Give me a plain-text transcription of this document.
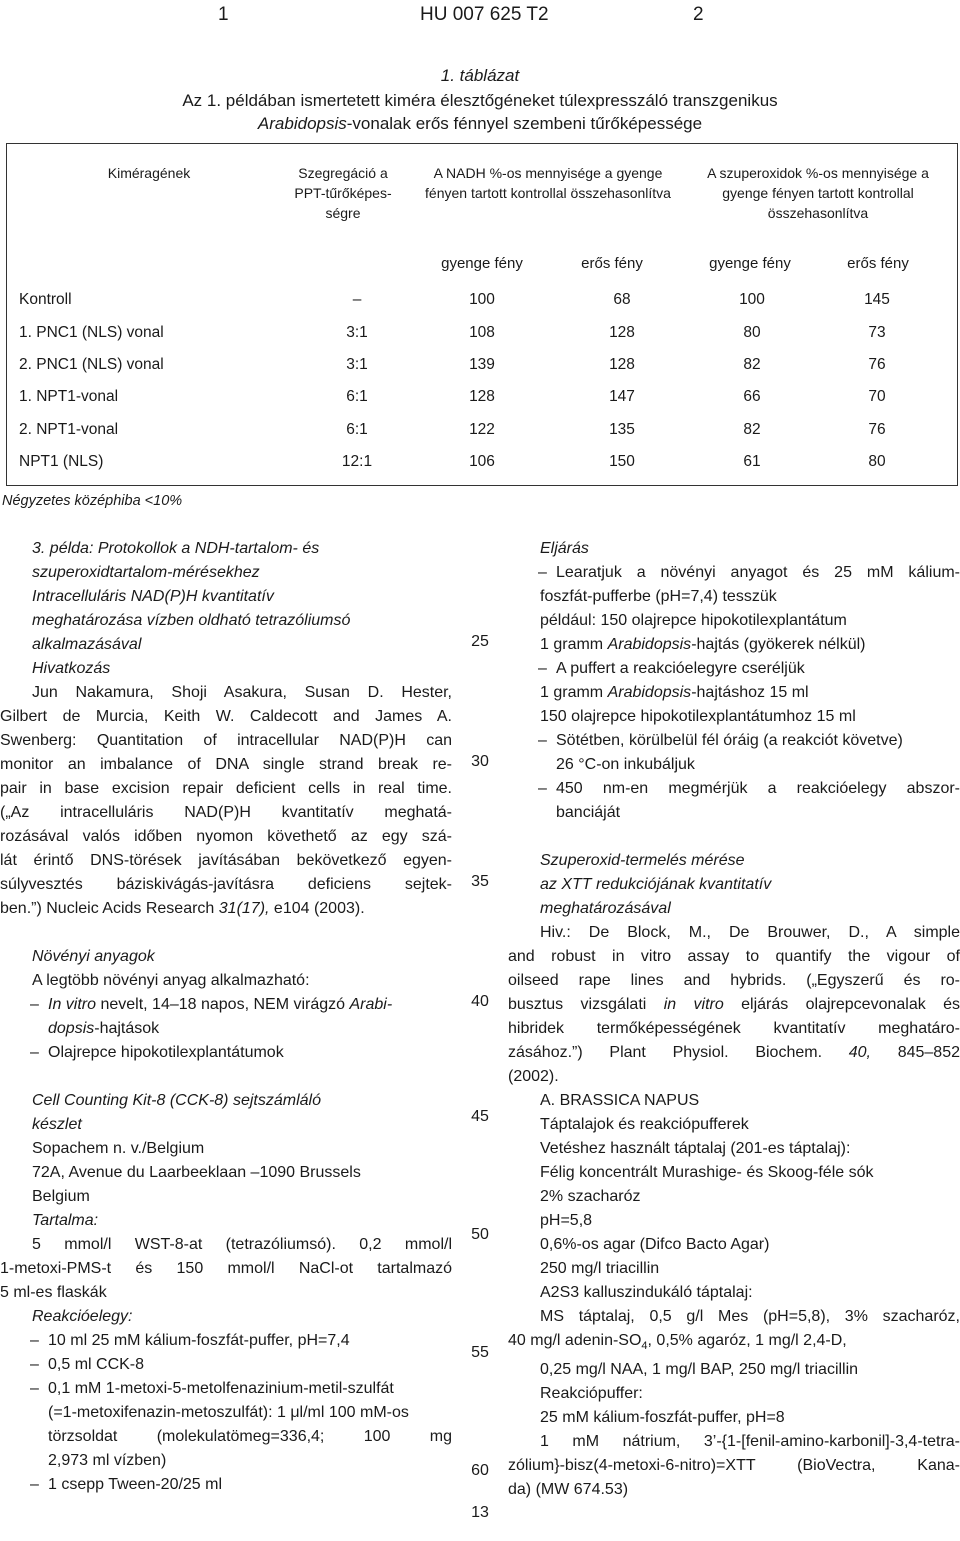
1	HU 007 625 T2	2
1. táblázat
Az 1. példában ismertetett kiméra élesztőgéneket túlexpresszáló transzgenikus
Arabidopsis-vonalak erős fénnyel szembeni tűrőképessége
Kiméragének	Szegregáció a PPT-tűrőképes-ségre
A NADH %-os mennyisége a gyenge fényen tartott kontrollal összehasonlítva
A szuperoxidok %-os mennyisége a gyenge fényen tartott kontrollal összehasonlítva
gyenge fény	erős fény	gyenge fény	erős fény
Kontroll	–	100	68	100	145
1. PNC1 (NLS) vonal	3:1	108	128	80	73
2. PNC1 (NLS) vonal	3:1	139	128	82	76
1. NPT1-vonal	6:1	128	147	66	70
2. NPT1-vonal	6:1	122	135	82	76
NPT1 (NLS)	12:1	106	150	61	80
Négyzetes középhiba <10%

3. példa: Protokollok a NDH-tartalom- és

szuperoxidtartalom-mérésekhez

Intracelluláris NAD(P)H kvantitatív

meghatározása vízben oldható tetrazóliumsó

alkalmazásával

Hivatkozás

Jun Nakamura, Shoji Asakura, Susan D. Hester,

Gilbert de Murcia, Keith W. Caldecott and James A.

Swenberg: Quantitation of intracellular NAD(P)H can

monitor an imbalance of DNA single strand break re-

pair in base excision repair deficient cells in real time.

(„Az intracelluláris NAD(P)H kvantitatív meghatá-

rozásával valós időben nyomon követhető az egy szá-

lát érintő DNS-törések javításában bekövetkező egyen-

súlyvesztés báziskivágás-javításra deficiens sejtek-

ben.”) Nucleic Acids Research 31(17), e104 (2003).

Növényi anyagok

A legtöbb növényi anyag alkalmazható:

– In vitro nevelt, 14–18 napos, NEM virágzó Arabi-

dopsis-hajtások

– Olajrepce hipokotilexplantátumok

Cell Counting Kit-8 (CCK-8) sejtszámláló

készlet

Sopachem n. v./Belgium

72A, Avenue du Laarbeeklaan –1090 Brussels

Belgium

Tartalma:

5 mmol/l WST-8-at (tetrazóliumsó). 0,2 mmol/l

1-metoxi-PMS-t és 150 mmol/l NaCl-ot tartalmazó

5 ml-es flaskák

Reakcióelegy:

– 10 ml 25 mM kálium-foszfát-puffer, pH=7,4

– 0,5 ml CCK-8

– 0,1 mM 1-metoxi-5-metolfenazinium-metil-szulfát

(=1-metoxifenazin-metoszulfát): 1 μl/ml 100 mM-os

törzsoldat (molekulatömeg=336,4; 100 mg

2,973 ml vízben)

– 1 csepp Tween-20/25 ml

25
30
35
40
45
50
55
60

Eljárás

– Learatjuk a növényi anyagot és 25 mM kálium-

foszfát-pufferbe (pH=7,4) tesszük

például: 150 olajrepce hipokotilexplantátum

1 gramm Arabidopsis-hajtás (gyökerek nélkül)

– A puffert a reakcióelegyre cseréljük

1 gramm Arabidopsis-hajtáshoz 15 ml

150 olajrepce hipokotilexplantátumhoz 15 ml

– Sötétben, körülbelül fél óráig (a reakciót követve)

26 °C-on inkubáljuk

– 450 nm-en megmérjük a reakcióelegy abszor-

banciáját

Szuperoxid-termelés mérése

az XTT redukciójának kvantitatív

meghatározásával

Hiv.: De Block, M., De Brouwer, D., A simple

and robust in vitro assay to quantify the vigour of

oilseed rape lines and hybrids. („Egyszerű és ro-

busztus vizsgálati in vitro eljárás olajrepcevonalak és

hibridek termőképességének kvantitatív meghatáro-

zásához.”) Plant Physiol. Biochem. 40, 845–852

(2002).

A. BRASSICA NAPUS

Táptalajok és reakciópufferek

Vetéshez használt táptalaj (201-es táptalaj):

Félig koncentrált Murashige- és Skoog-féle sók

2% szacharóz

pH=5,8

0,6%-os agar (Difco Bacto Agar)

250 mg/l triacillin

A2S3 kalluszindukáló táptalaj:

MS táptalaj, 0,5 g/l Mes (pH=5,8), 3% szacharóz,

40 mg/l adenin-$SO_4$, 0,5% agaróz, 1 mg/l 2,4-D,

0,25 mg/l NAA, 1 mg/l BAP, 250 mg/l triacillin

Reakciópuffer:

25 mM kálium-foszfát-puffer, pH=8

1 mM nátrium, 3’-{1-[fenil-amino-karbonil]-3,4-tetra-

zólium}-bisz(4-metoxi-6-nitro)=XTT (BioVectra, Kana-

da) (MW 674.53)

13
